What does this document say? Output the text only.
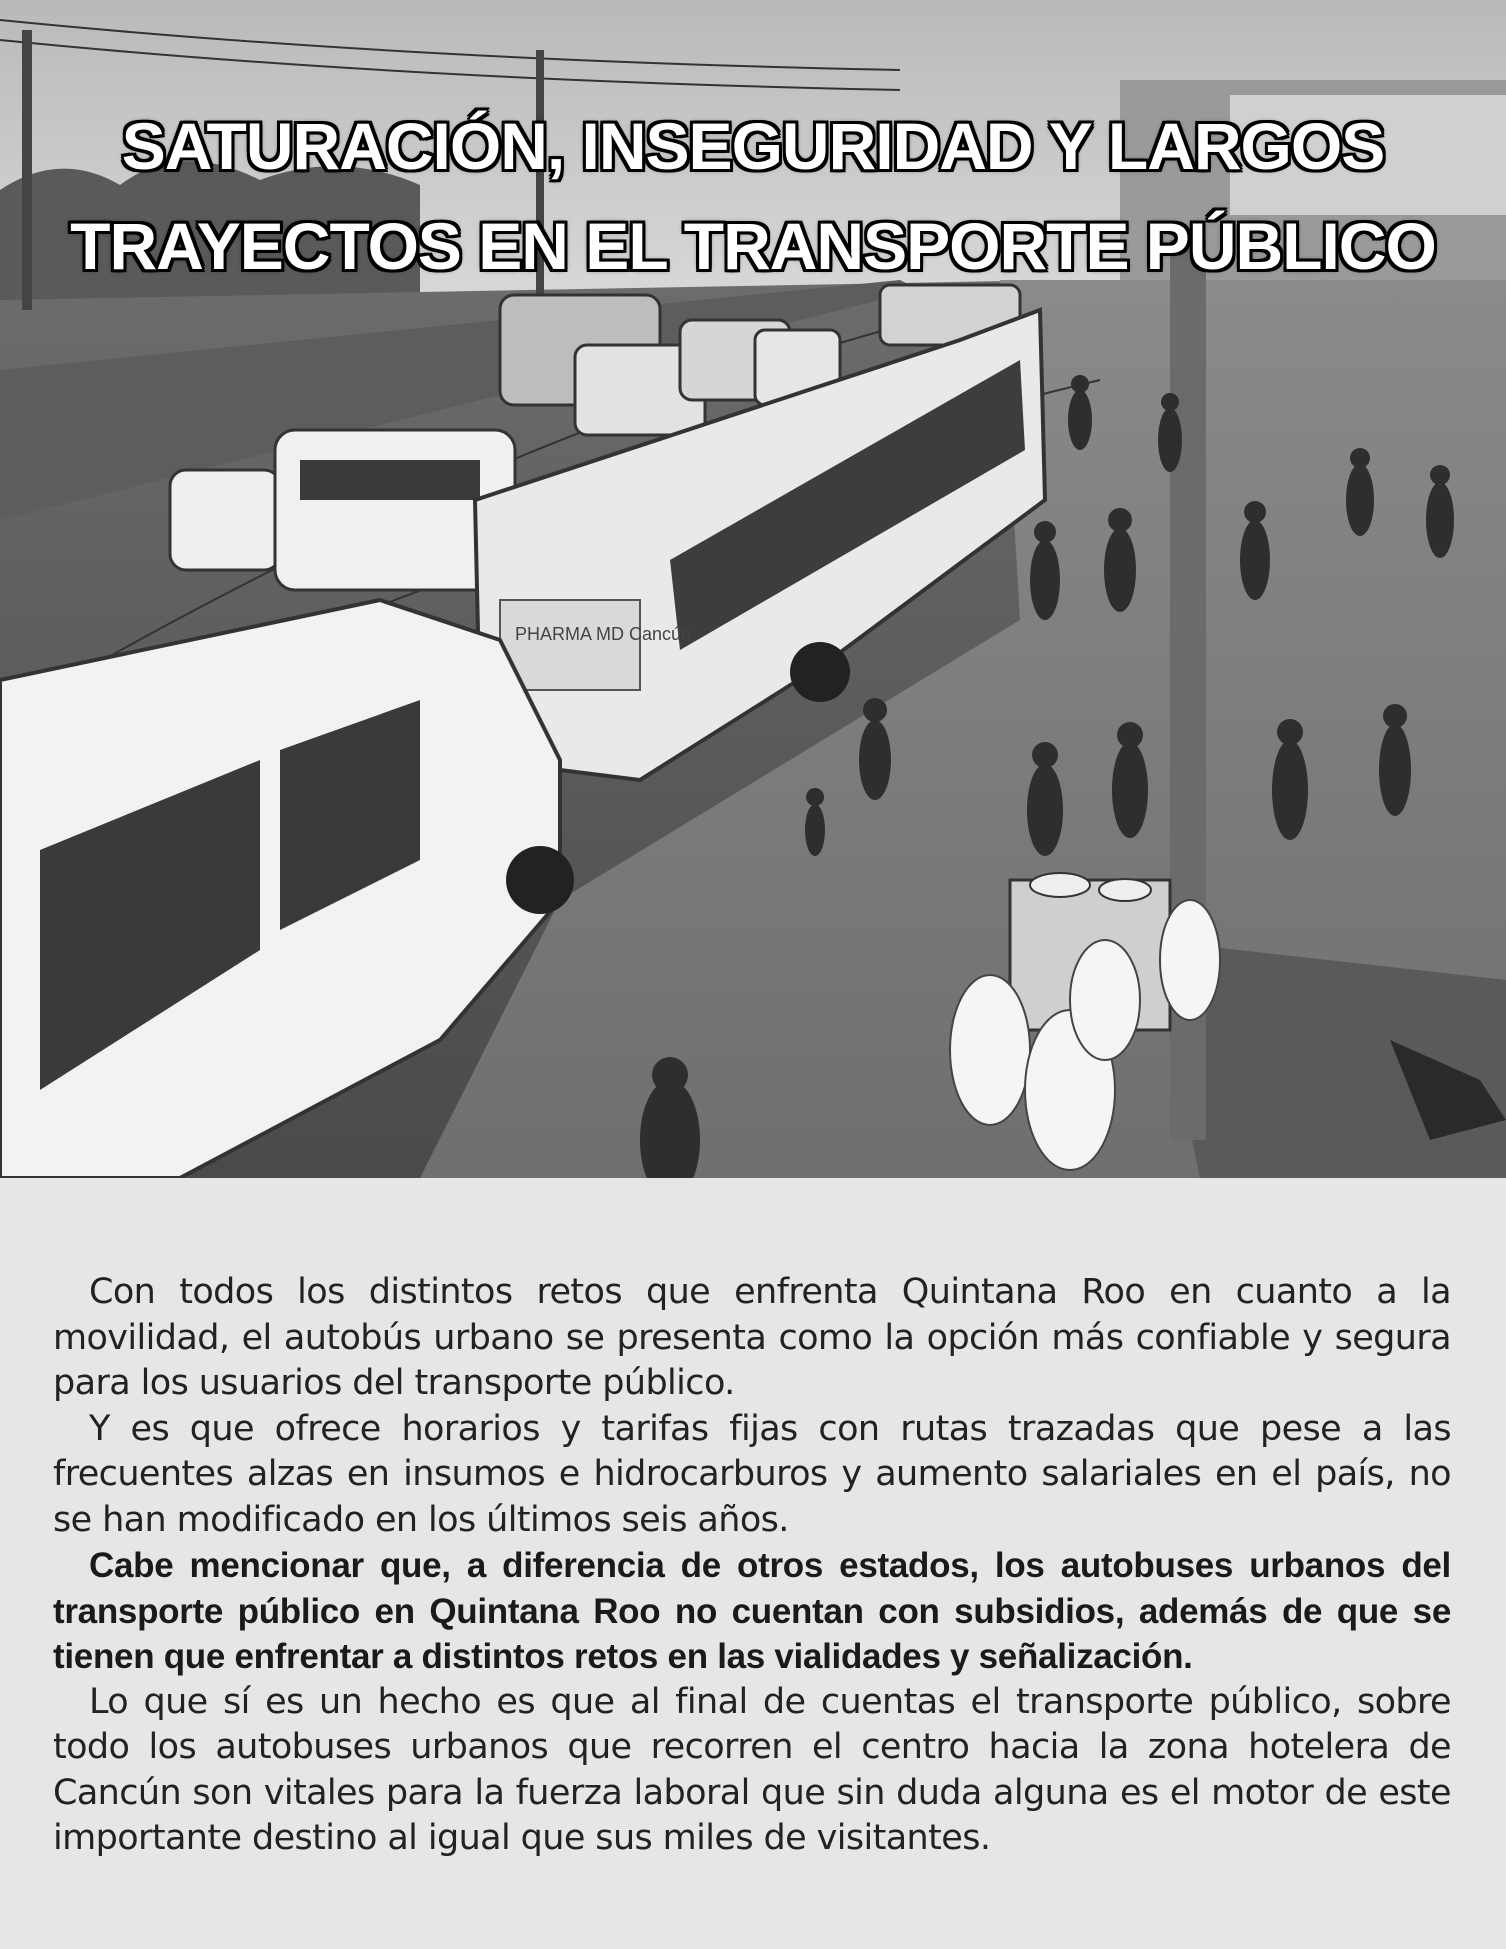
PHARMA MD Cancún
SATURACIÓN, INSEGURIDAD Y LARGOS
TRAYECTOS EN EL TRANSPORTE PÚBLICO

Con todos los distintos retos que enfrenta Quintana Roo en cuanto a la movilidad, el autobús urbano se presenta como la opción más confiable y segura para los usuarios del transporte público.

Y es que ofrece horarios y tarifas fijas con rutas trazadas que pese a las frecuentes alzas en insumos e hidrocarburos y aumento salariales en el país, no se han modificado en los últimos seis años.

Cabe mencionar que, a diferencia de otros estados, los autobuses urbanos del transporte público en Quintana Roo no cuentan con subsidios, además de que se tienen que enfrentar a distintos retos en las vialidades y señalización.

Lo que sí es un hecho es que al final de cuentas el transporte público, sobre todo los autobuses urbanos que recorren el centro hacia la zona hotelera de Cancún son vitales para la fuerza laboral que sin duda alguna es el motor de este importante destino al igual que sus miles de visitantes.
